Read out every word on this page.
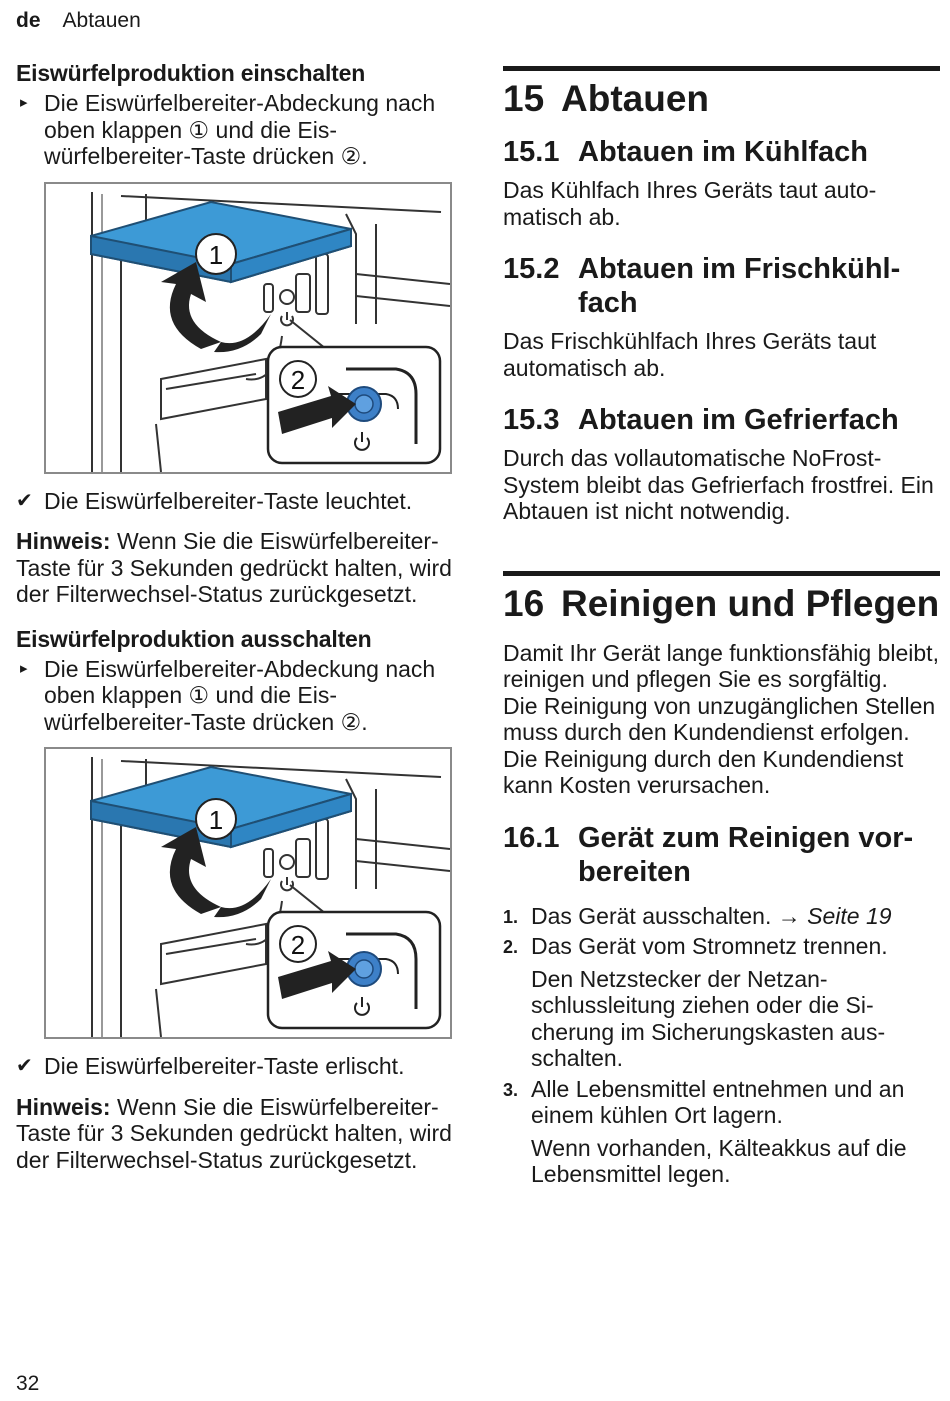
de Abtauen
Eiswürfelproduktion einschalten
▸ Die Eiswürfelbereiter-Abdeckung nach oben klappen ① und die Eiswürfelbereiter-Taste drücken ②.
1
2
✔ Die Eiswürfelbereiter-Taste leuchtet.

Hinweis: Wenn Sie die Eiswürfelbereiter-Taste für 3 Sekunden gedrückt halten, wird der Filterwechsel-Status zurückgesetzt.

Eiswürfelproduktion ausschalten
▸ Die Eiswürfelbereiter-Abdeckung nach oben klappen ① und die Eiswürfelbereiter-Taste drücken ②.
1
2
✔ Die Eiswürfelbereiter-Taste erlischt.

Hinweis: Wenn Sie die Eiswürfelbereiter-Taste für 3 Sekunden gedrückt halten, wird der Filterwechsel-Status zurückgesetzt.

15 Abtauen
15.1 Abtauen im Kühlfach

Das Kühlfach Ihres Geräts taut automatisch ab.

15.2 Abtauen im Frischkühlfach

Das Frischkühlfach Ihres Geräts taut automatisch ab.

15.3 Abtauen im Gefrierfach

Durch das vollautomatische NoFrost-System bleibt das Gefrierfach frostfrei. Ein Abtauen ist nicht notwendig.

16 Reinigen und Pflegen

Damit Ihr Gerät lange funktionsfähig bleibt, reinigen und pflegen Sie es sorgfältig.

Die Reinigung von unzugänglichen Stellen muss durch den Kundendienst erfolgen. Die Reinigung durch den Kundendienst kann Kosten verursachen.

16.1 Gerät zum Reinigen vorbereiten
1. Das Gerät ausschalten. → Seite 19
2. Das Gerät vom Stromnetz trennen.
Den Netzstecker der Netzanschlussleitung ziehen oder die Sicherung im Sicherungskasten ausschalten.
3. Alle Lebensmittel entnehmen und an einem kühlen Ort lagern.
Wenn vorhanden, Kälteakkus auf die Lebensmittel legen.
32
